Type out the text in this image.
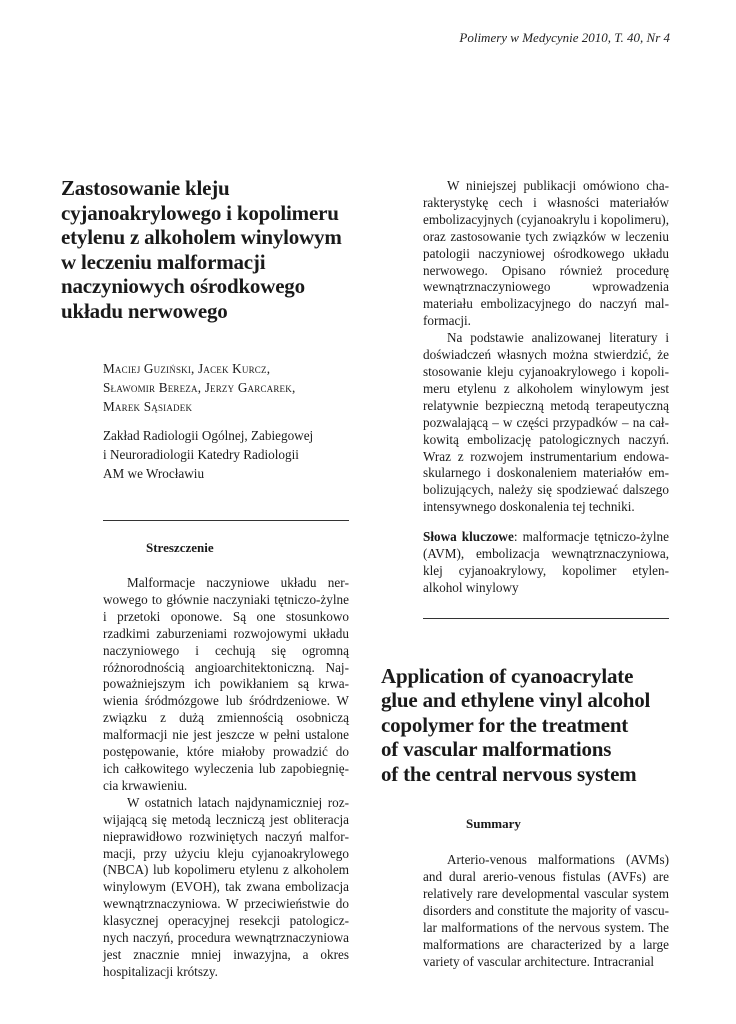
Polimery w Medycynie 2010, T. 40, Nr 4
Zastosowanie kleju
cyjanoakrylowego i kopolimeru
etylenu z alkoholem winylowym
w leczeniu malformacji
naczyniowych ośrodkowego
układu nerwowego
Maciej Guziński, Jacek Kurcz,
Sławomir Bereza, Jerzy Garcarek,
Marek Sąsiadek
Zakład Radiologii Ogólnej, Zabiegowej
i Neuroradiologii Katedry Radiologii
AM we Wrocławiu
Streszczenie

Malformacje naczyniowe układu nerwowego to głównie naczyniaki tętniczo-żylne i przetoki oponowe. Są one stosunkowo rzadkimi zaburzeniami rozwojowymi układu naczyniowego i cechują się ogromną różnorodnością angioarchitektoniczną. Najpoważniejszym ich powikłaniem są krwawienia śródmózgowe lub śródrdzeniowe. W związku z dużą zmiennością osobniczą malformacji nie jest jeszcze w pełni ustalone postępowanie, które miałoby prowadzić do ich całkowitego wyleczenia lub zapobiegnięcia krwawieniu.

W ostatnich latach najdynamiczniej rozwijającą się metodą leczniczą jest obliteracja nieprawidłowo rozwiniętych naczyń malformacji, przy użyciu kleju cyjanoakrylowego (NBCA) lub kopolimeru etylenu z alkoholem winylowym (EVOH), tak zwana embolizacja wewnątrznaczyniowa. W przeciwieństwie do klasycznej operacyjnej resekcji patologicznych naczyń, procedura wewnątrznaczyniowa jest znacznie mniej inwazyjna, a okres hospitalizacji krótszy.

W niniejszej publikacji omówiono charakterystykę cech i własności materiałów embolizacyjnych (cyjanoakrylu i kopolimeru), oraz zastosowanie tych związków w leczeniu patologii naczyniowej ośrodkowego układu nerwowego. Opisano również procedurę wewnątrznaczyniowego wprowadzenia materiału embolizacyjnego do naczyń malformacji.

Na podstawie analizowanej literatury i doświadczeń własnych można stwierdzić, że stosowanie kleju cyjanoakrylowego i kopolimeru etylenu z alkoholem winylowym jest relatywnie bezpieczną metodą terapeutyczną pozwalającą – w części przypadków – na całkowitą embolizację patologicznych naczyń. Wraz z rozwojem instrumentarium endowaskularnego i doskonaleniem materiałów embolizujących, należy się spodziewać dalszego intensywnego doskonalenia tej techniki.

Słowa kluczowe: malformacje tętniczo-żylne (AVM), embolizacja wewnątrznaczyniowa, klej cyjanoakrylowy, kopolimer etylen-alkohol winylowy
Application of cyanoacrylate
glue and ethylene vinyl alcohol
copolymer for the treatment
of vascular malformations
of the central nervous system
Summary

Arterio-venous malformations (AVMs) and dural arerio-venous fistulas (AVFs) are relatively rare developmental vascular system disorders and constitute the majority of vascular malformations of the nervous system. The malformations are characterized by a large variety of vascular architecture. Intracranial
